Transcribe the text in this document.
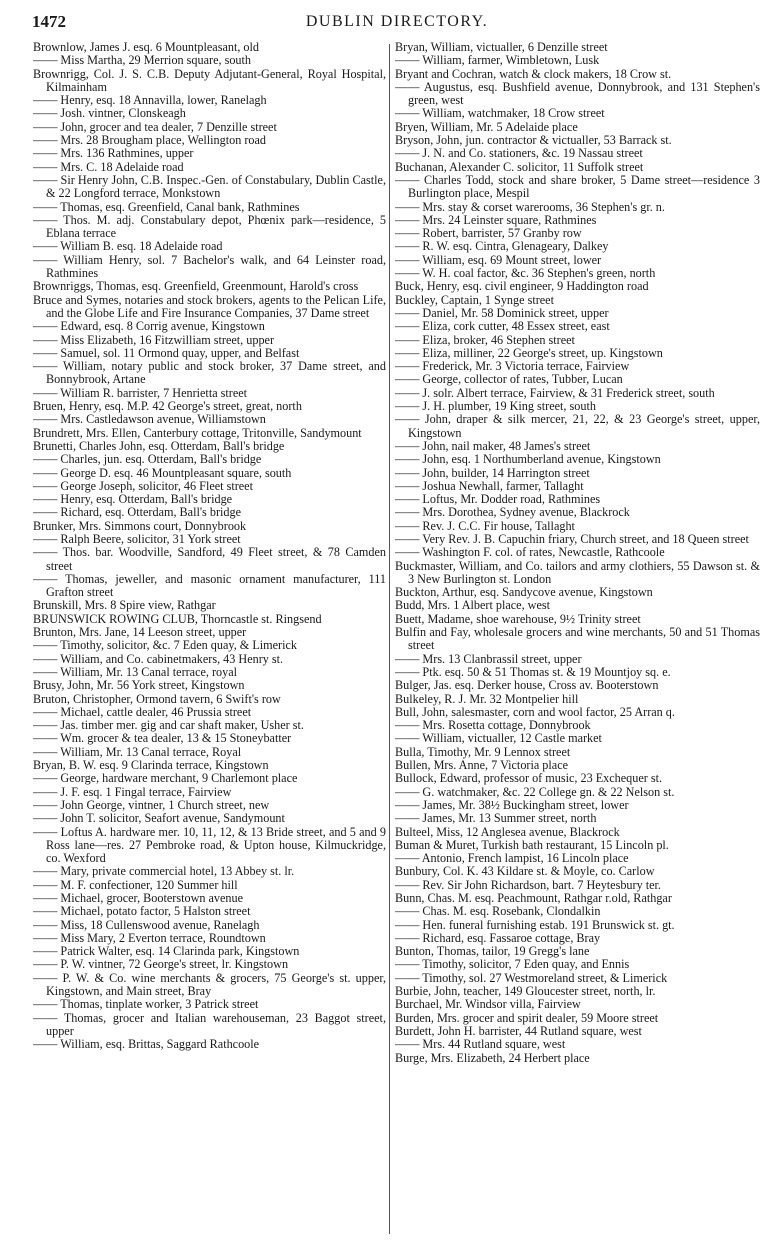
1472	DUBLIN DIRECTORY.

Brownlow, James J. esq. 6 Mountpleasant, old

—— Miss Martha, 29 Merrion square, south

Brownrigg, Col. J. S. C.B. Deputy Adjutant-General, Royal Hospital, Kilmainham

—— Henry, esq. 18 Annavilla, lower, Ranelagh

—— Josh. vintner, Clonskeagh

—— John, grocer and tea dealer, 7 Denzille street

—— Mrs. 28 Brougham place, Wellington road

—— Mrs. 136 Rathmines, upper

—— Mrs. C. 18 Adelaide road

—— Sir Henry John, C.B. Inspec.-Gen. of Constabulary, Dublin Castle, & 22 Longford terrace, Monkstown

—— Thomas, esq. Greenfield, Canal bank, Rathmines

—— Thos. M. adj. Constabulary depot, Phœnix park—residence, 5 Eblana terrace

—— William B. esq. 18 Adelaide road

—— William Henry, sol. 7 Bachelor's walk, and 64 Leinster road, Rathmines

Brownriggs, Thomas, esq. Greenfield, Greenmount, Harold's cross

Bruce and Symes, notaries and stock brokers, agents to the Pelican Life, and the Globe Life and Fire Insurance Companies, 37 Dame street

—— Edward, esq. 8 Corrig avenue, Kingstown

—— Miss Elizabeth, 16 Fitzwilliam street, upper

—— Samuel, sol. 11 Ormond quay, upper, and Belfast

—— William, notary public and stock broker, 37 Dame street, and Bonnybrook, Artane

—— William R. barrister, 7 Henrietta street

Bruen, Henry, esq. M.P. 42 George's street, great, north

—— Mrs. Castledawson avenue, Williamstown

Brundrett, Mrs. Ellen, Canterbury cottage, Tritonville, Sandymount

Brunetti, Charles John, esq. Otterdam, Ball's bridge

—— Charles, jun. esq. Otterdam, Ball's bridge

—— George D. esq. 46 Mountpleasant square, south

—— George Joseph, solicitor, 46 Fleet street

—— Henry, esq. Otterdam, Ball's bridge

—— Richard, esq. Otterdam, Ball's bridge

Brunker, Mrs. Simmons court, Donnybrook

—— Ralph Beere, solicitor, 31 York street

—— Thos. bar. Woodville, Sandford, 49 Fleet street, & 78 Camden street

—— Thomas, jeweller, and masonic ornament manufacturer, 111 Grafton street

Brunskill, Mrs. 8 Spire view, Rathgar

BRUNSWICK ROWING CLUB, Thorncastle st. Ringsend

Brunton, Mrs. Jane, 14 Leeson street, upper

—— Timothy, solicitor, &c. 7 Eden quay, & Limerick

—— William, and Co. cabinetmakers, 43 Henry st.

—— William, Mr. 13 Canal terrace, royal

Brusy, John, Mr. 56 York street, Kingstown

Bruton, Christopher, Ormond tavern, 6 Swift's row

—— Michael, cattle dealer, 46 Prussia street

—— Jas. timber mer. gig and car shaft maker, Usher st.

—— Wm. grocer & tea dealer, 13 & 15 Stoneybatter

—— William, Mr. 13 Canal terrace, Royal

Bryan, B. W. esq. 9 Clarinda terrace, Kingstown

—— George, hardware merchant, 9 Charlemont place

—— J. F. esq. 1 Fingal terrace, Fairview

—— John George, vintner, 1 Church street, new

—— John T. solicitor, Seafort avenue, Sandymount

—— Loftus A. hardware mer. 10, 11, 12, & 13 Bride street, and 5 and 9 Ross lane—res. 27 Pembroke road, & Upton house, Kilmuckridge, co. Wexford

—— Mary, private commercial hotel, 13 Abbey st. lr.

—— M. F. confectioner, 120 Summer hill

—— Michael, grocer, Booterstown avenue

—— Michael, potato factor, 5 Halston street

—— Miss, 18 Cullenswood avenue, Ranelagh

—— Miss Mary, 2 Everton terrace, Roundtown

—— Patrick Walter, esq. 14 Clarinda park, Kingstown

—— P. W. vintner, 72 George's street, lr. Kingstown

—— P. W. & Co. wine merchants & grocers, 75 George's st. upper, Kingstown, and Main street, Bray

—— Thomas, tinplate worker, 3 Patrick street

—— Thomas, grocer and Italian warehouseman, 23 Baggot street, upper

—— William, esq. Brittas, Saggard Rathcoole

Bryan, William, victualler, 6 Denzille street

—— William, farmer, Wimbletown, Lusk

Bryant and Cochran, watch & clock makers, 18 Crow st.

—— Augustus, esq. Bushfield avenue, Donnybrook, and 131 Stephen's green, west

—— William, watchmaker, 18 Crow street

Bryen, William, Mr. 5 Adelaide place

Bryson, John, jun. contractor & victualler, 53 Barrack st.

—— J. N. and Co. stationers, &c. 19 Nassau street

Buchanan, Alexander C. solicitor, 11 Suffolk street

—— Charles Todd, stock and share broker, 5 Dame street—residence 3 Burlington place, Mespil

—— Mrs. stay & corset warerooms, 36 Stephen's gr. n.

—— Mrs. 24 Leinster square, Rathmines

—— Robert, barrister, 57 Granby row

—— R. W. esq. Cintra, Glenageary, Dalkey

—— William, esq. 69 Mount street, lower

—— W. H. coal factor, &c. 36 Stephen's green, north

Buck, Henry, esq. civil engineer, 9 Haddington road

Buckley, Captain, 1 Synge street

—— Daniel, Mr. 58 Dominick street, upper

—— Eliza, cork cutter, 48 Essex street, east

—— Eliza, broker, 46 Stephen street

—— Eliza, milliner, 22 George's street, up. Kingstown

—— Frederick, Mr. 3 Victoria terrace, Fairview

—— George, collector of rates, Tubber, Lucan

—— J. solr. Albert terrace, Fairview, & 31 Frederick street, south

—— J. H. plumber, 19 King street, south

—— John, draper & silk mercer, 21, 22, & 23 George's street, upper, Kingstown

—— John, nail maker, 48 James's street

—— John, esq. 1 Northumberland avenue, Kingstown

—— John, builder, 14 Harrington street

—— Joshua Newhall, farmer, Tallaght

—— Loftus, Mr. Dodder road, Rathmines

—— Mrs. Dorothea, Sydney avenue, Blackrock

—— Rev. J. C.C. Fir house, Tallaght

—— Very Rev. J. B. Capuchin friary, Church street, and 18 Queen street

—— Washington F. col. of rates, Newcastle, Rathcoole

Buckmaster, William, and Co. tailors and army clothiers, 55 Dawson st. & 3 New Burlington st. London

Buckton, Arthur, esq. Sandycove avenue, Kingstown

Budd, Mrs. 1 Albert place, west

Buett, Madame, shoe warehouse, 9½ Trinity street

Bulfin and Fay, wholesale grocers and wine merchants, 50 and 51 Thomas street

—— Mrs. 13 Clanbrassil street, upper

—— Ptk. esq. 50 & 51 Thomas st. & 19 Mountjoy sq. e.

Bulger, Jas. esq. Derker house, Cross av. Booterstown

Bulkeley, R. J. Mr. 32 Montpelier hill

Bull, John, salesmaster, corn and wool factor, 25 Arran q.

—— Mrs. Rosetta cottage, Donnybrook

—— William, victualler, 12 Castle market

Bulla, Timothy, Mr. 9 Lennox street

Bullen, Mrs. Anne, 7 Victoria place

Bullock, Edward, professor of music, 23 Exchequer st.

—— G. watchmaker, &c. 22 College gn. & 22 Nelson st.

—— James, Mr. 38½ Buckingham street, lower

—— James, Mr. 13 Summer street, north

Bulteel, Miss, 12 Anglesea avenue, Blackrock

Buman & Muret, Turkish bath restaurant, 15 Lincoln pl.

—— Antonio, French lampist, 16 Lincoln place

Bunbury, Col. K. 43 Kildare st. & Moyle, co. Carlow

—— Rev. Sir John Richardson, bart. 7 Heytesbury ter.

Bunn, Chas. M. esq. Peachmount, Rathgar r.old, Rathgar

—— Chas. M. esq. Rosebank, Clondalkin

—— Hen. funeral furnishing estab. 191 Brunswick st. gt.

—— Richard, esq. Fassaroe cottage, Bray

Bunton, Thomas, tailor, 19 Gregg's lane

—— Timothy, solicitor, 7 Eden quay, and Ennis

—— Timothy, sol. 27 Westmoreland street, & Limerick

Burbie, John, teacher, 149 Gloucester street, north, lr.

Burchael, Mr. Windsor villa, Fairview

Burden, Mrs. grocer and spirit dealer, 59 Moore street

Burdett, John H. barrister, 44 Rutland square, west

—— Mrs. 44 Rutland square, west

Burge, Mrs. Elizabeth, 24 Herbert place
